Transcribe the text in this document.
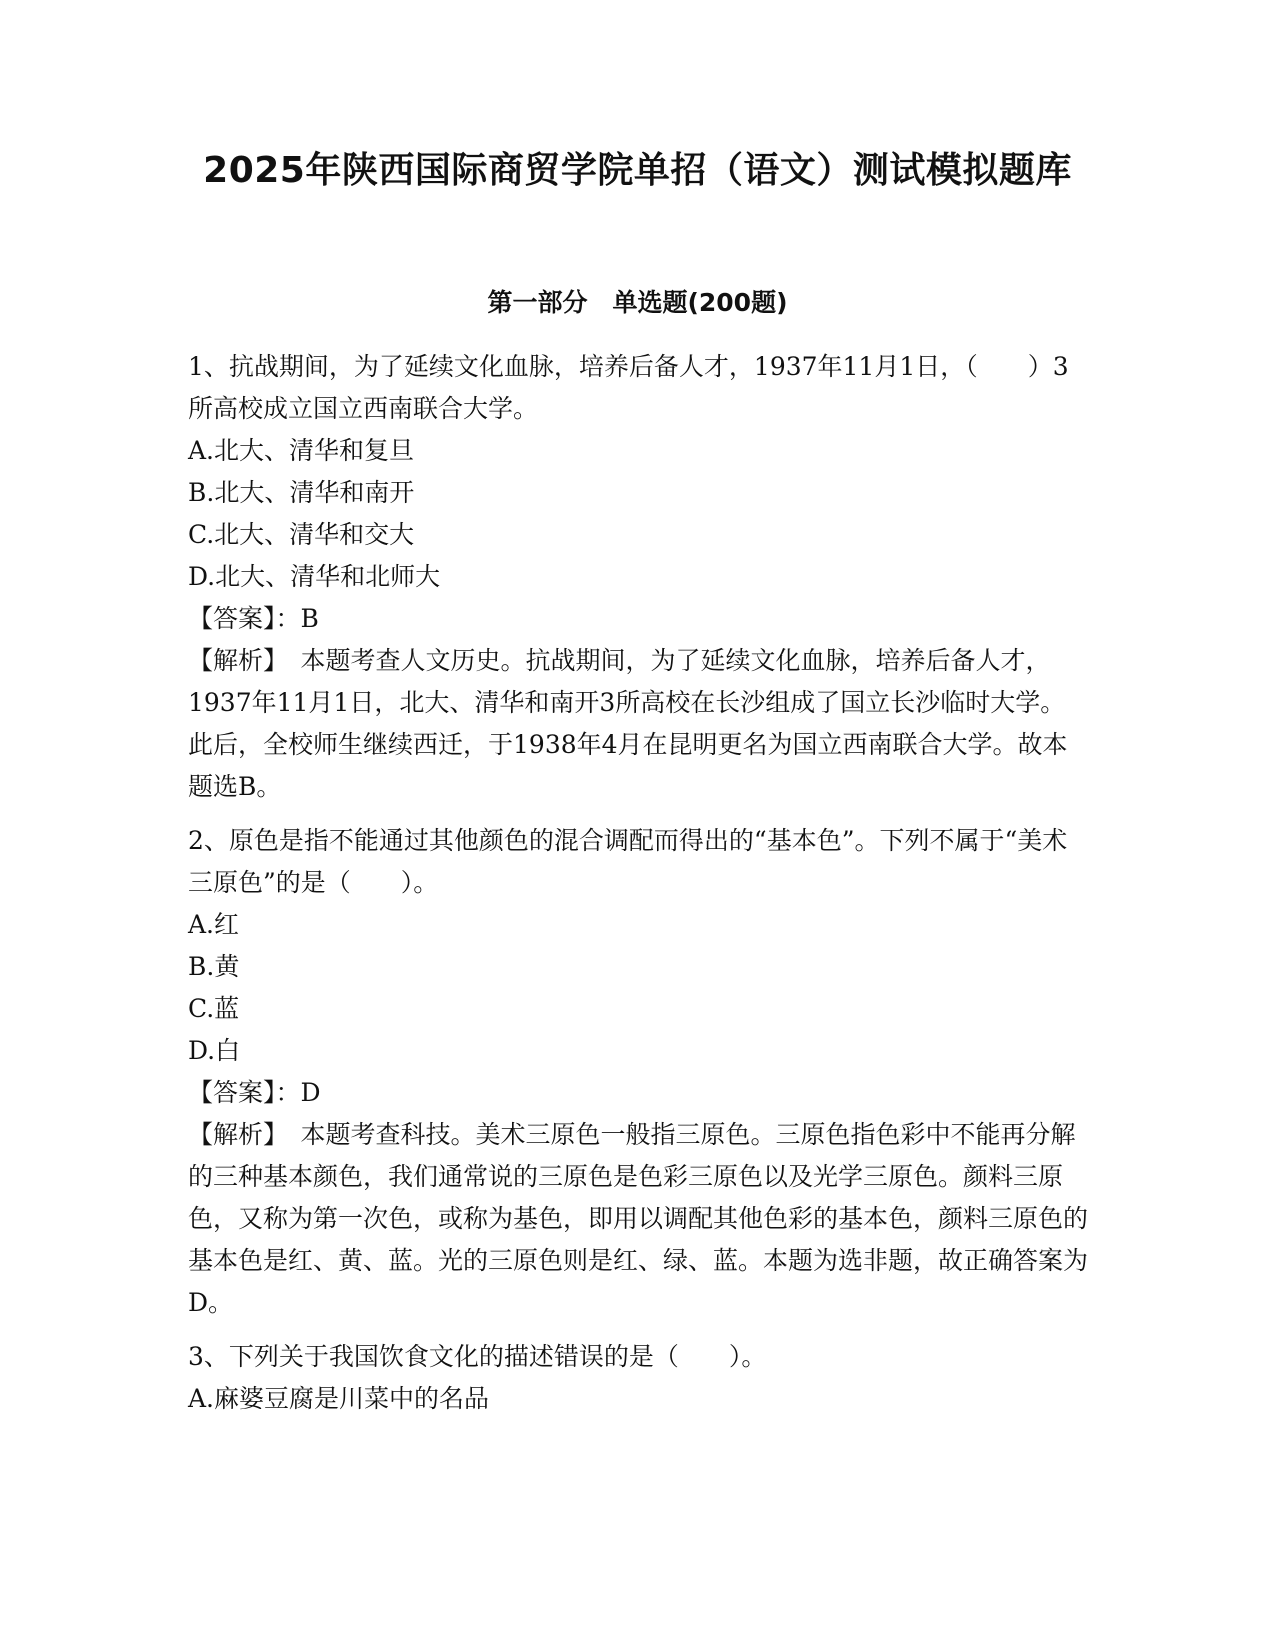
2025年陕西国际商贸学院单招（语文）测试模拟题库
第一部分　单选题(200题)

1、抗战期间，为了延续文化血脉，培养后备人才，1937年11月1日，（　　）3所高校成立国立西南联合大学。

A.北大、清华和复旦

B.北大、清华和南开

C.北大、清华和交大

D.北大、清华和北师大

【答案】：B

【解析】　本题考查人文历史。抗战期间，为了延续文化血脉，培养后备人才，1937年11月1日，北大、清华和南开3所高校在长沙组成了国立长沙临时大学。此后，全校师生继续西迁，于1938年4月在昆明更名为国立西南联合大学。故本题选B。

2、原色是指不能通过其他颜色的混合调配而得出的“基本色”。下列不属于“美术三原色”的是（　　）。

A.红

B.黄

C.蓝

D.白

【答案】：D

【解析】　本题考查科技。美术三原色一般指三原色。三原色指色彩中不能再分解的三种基本颜色，我们通常说的三原色是色彩三原色以及光学三原色。颜料三原色，又称为第一次色，或称为基色，即用以调配其他色彩的基本色，颜料三原色的基本色是红、黄、蓝。光的三原色则是红、绿、蓝。本题为选非题，故正确答案为D。

3、下列关于我国饮食文化的描述错误的是（　　）。

A.麻婆豆腐是川菜中的名品
